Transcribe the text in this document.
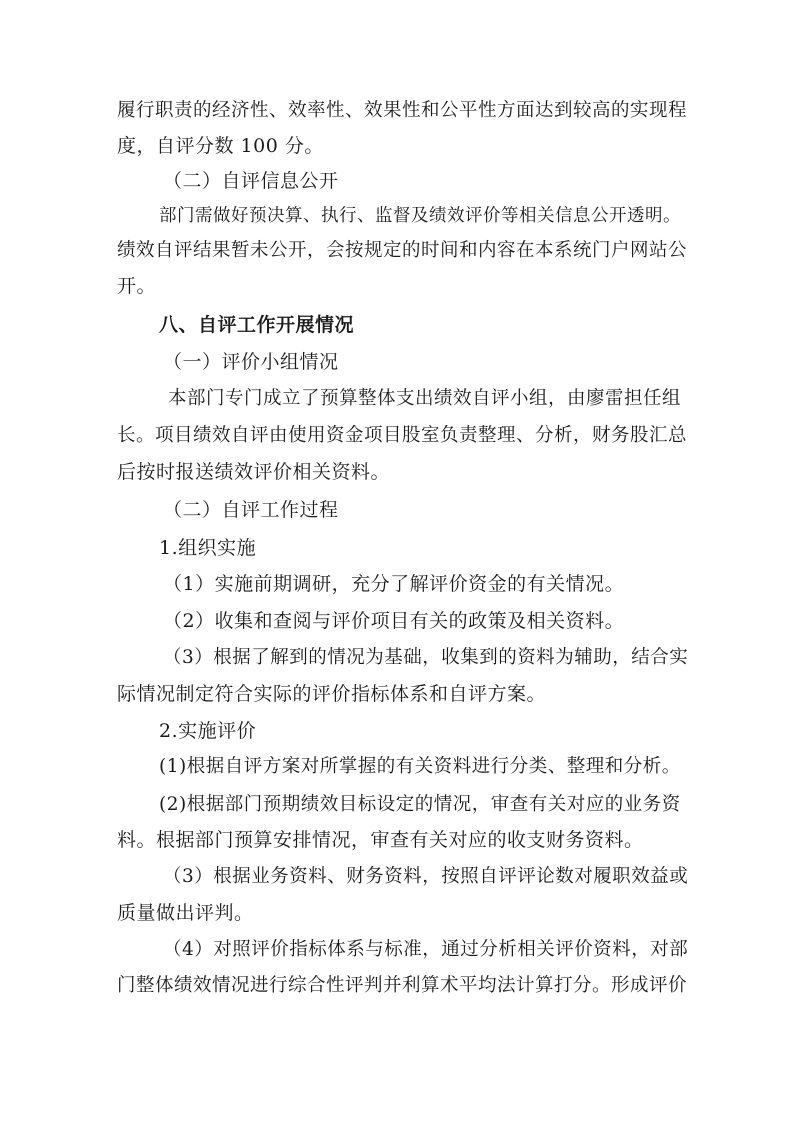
履行职责的经济性、效率性、效果性和公平性方面达到较高的实现程
度，自评分数 100 分。
（二）自评信息公开
部门需做好预决算、执行、监督及绩效评价等相关信息公开透明。
绩效自评结果暂未公开，会按规定的时间和内容在本系统门户网站公
开。
八、自评工作开展情况
（一）评价小组情况
本部门专门成立了预算整体支出绩效自评小组，由廖雷担任组
长。项目绩效自评由使用资金项目股室负责整理、分析，财务股汇总
后按时报送绩效评价相关资料。
（二）自评工作过程
1.组织实施
（1）实施前期调研，充分了解评价资金的有关情况。
（2）收集和查阅与评价项目有关的政策及相关资料。
（3）根据了解到的情况为基础，收集到的资料为辅助，结合实
际情况制定符合实际的评价指标体系和自评方案。
2.实施评价
(1)根据自评方案对所掌握的有关资料进行分类、整理和分析。
(2)根据部门预期绩效目标设定的情况，审查有关对应的业务资
料。根据部门预算安排情况，审查有关对应的收支财务资料。
（3）根据业务资料、财务资料，按照自评评论数对履职效益或
质量做出评判。
（4）对照评价指标体系与标准，通过分析相关评价资料，对部
门整体绩效情况进行综合性评判并利算术平均法计算打分。形成评价
